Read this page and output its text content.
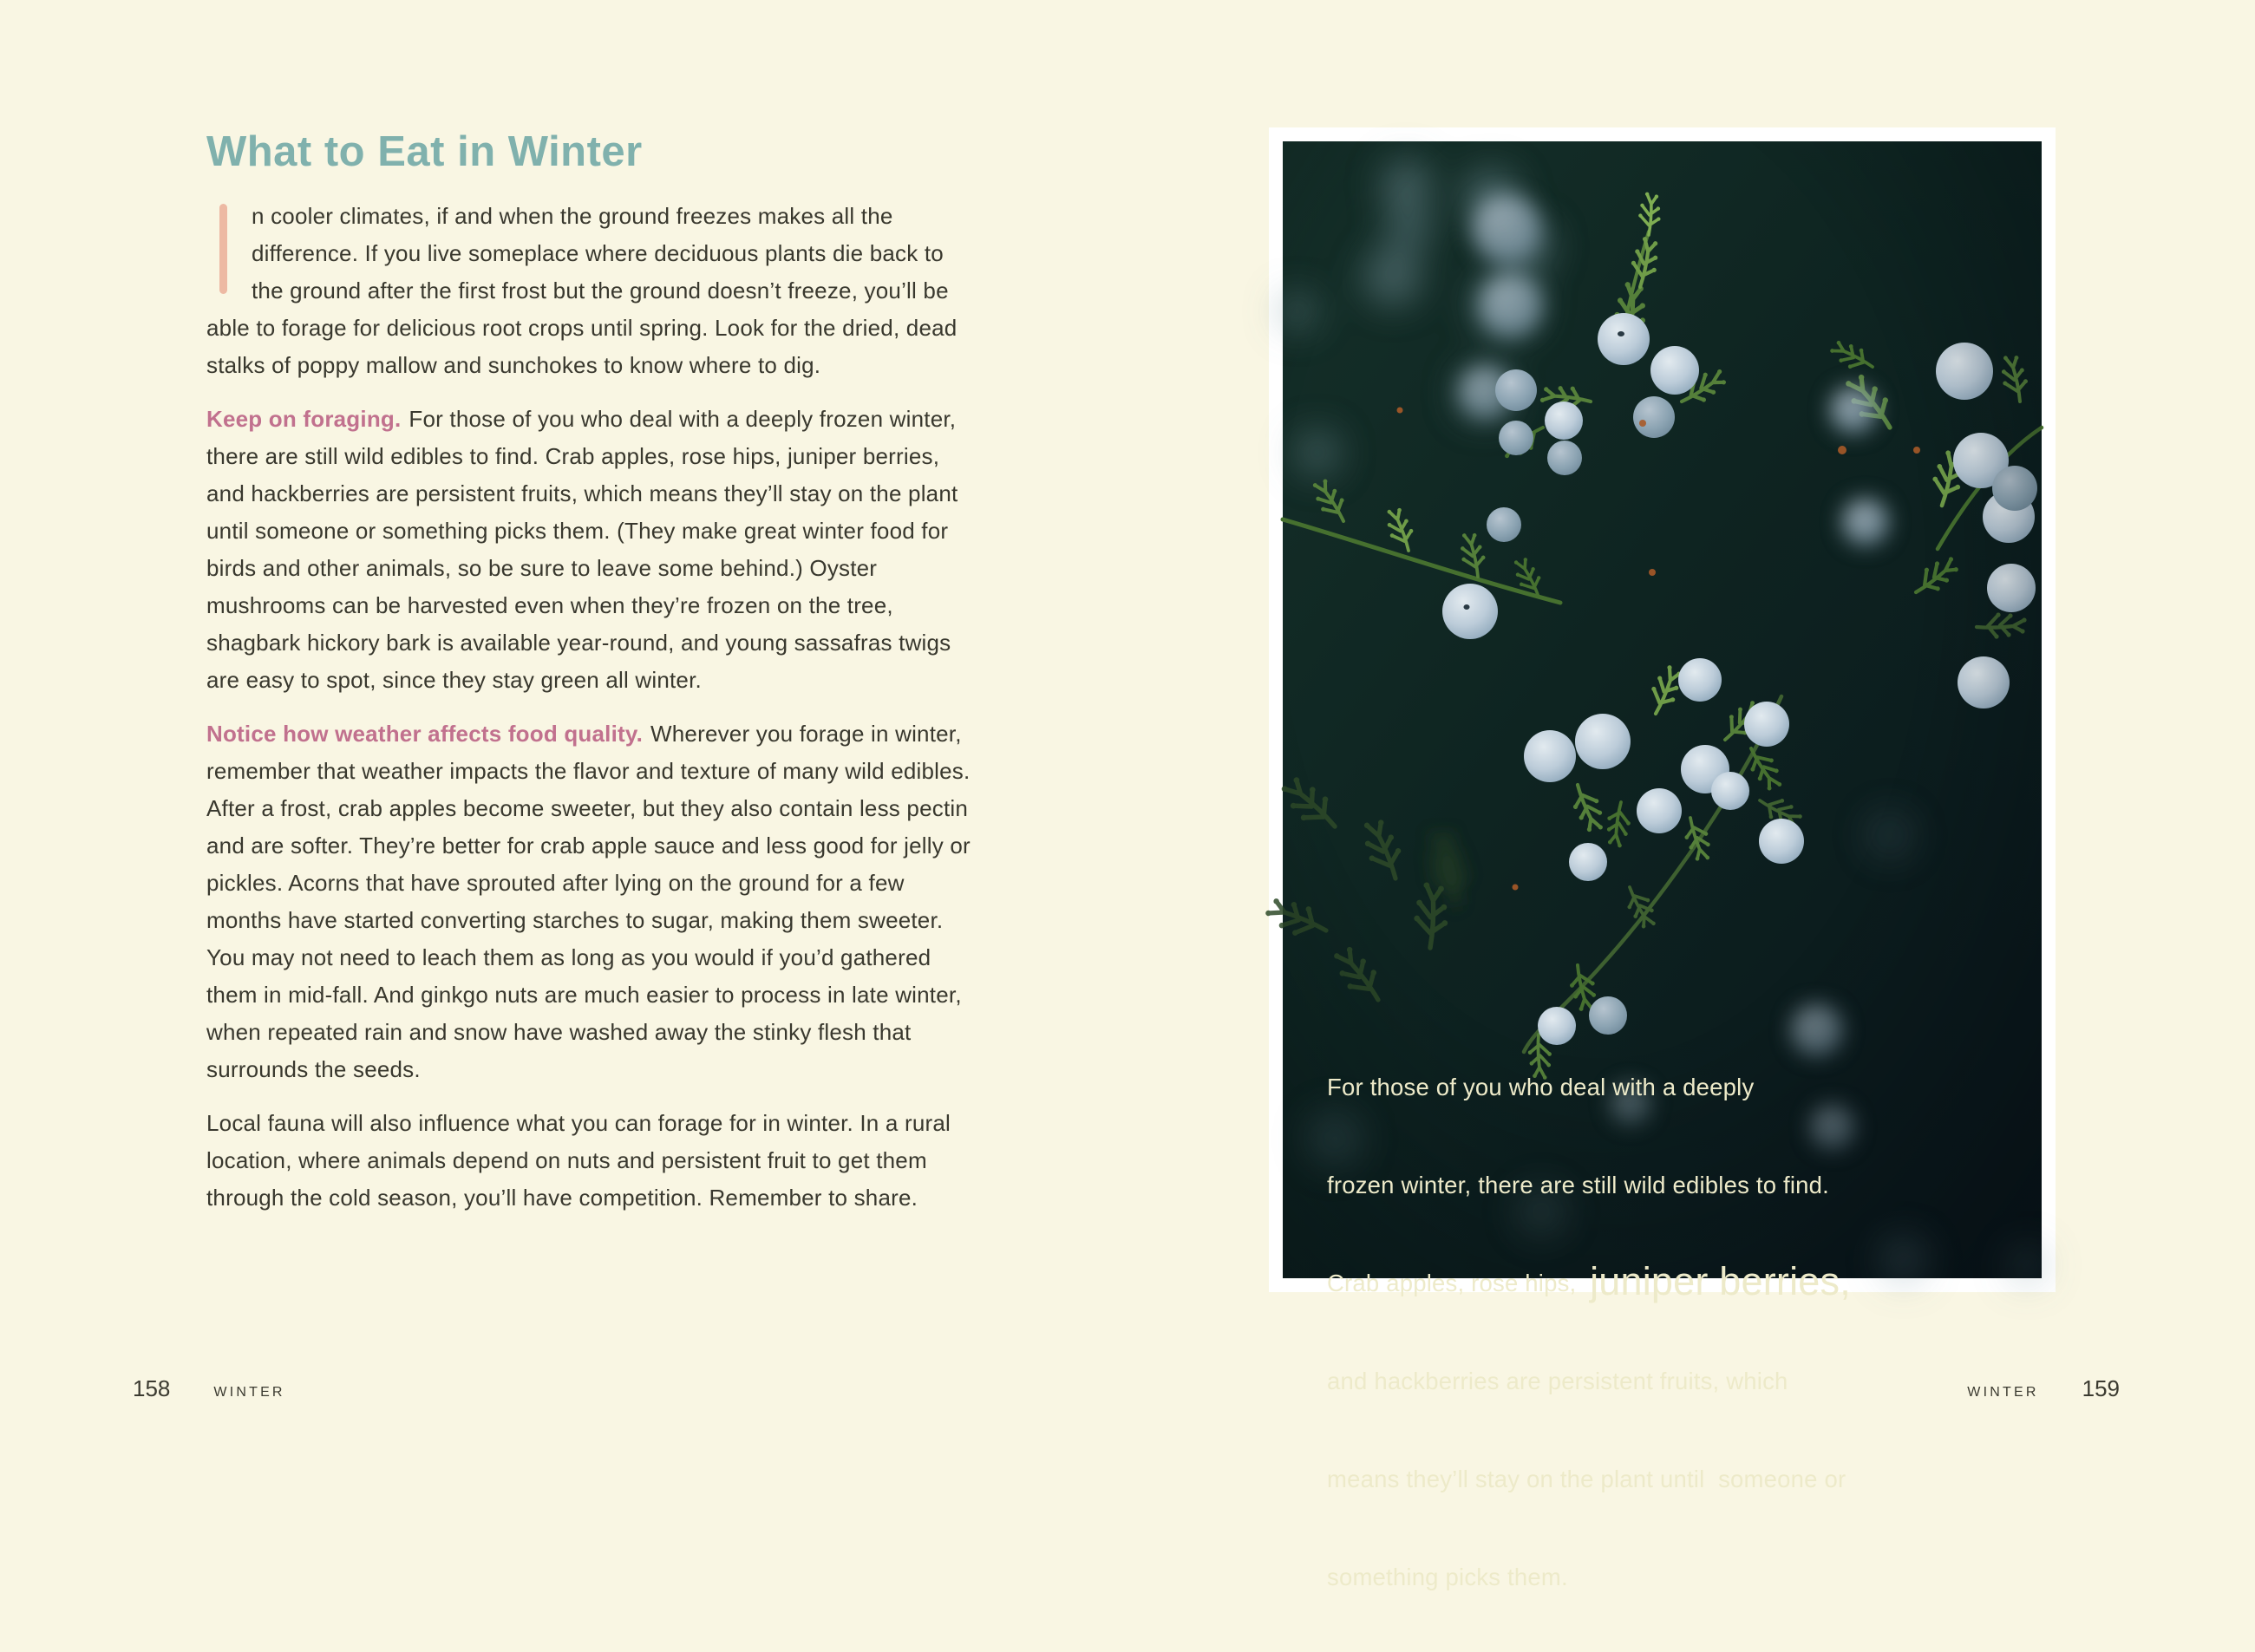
What to Eat in Winter

n cooler climates, if and when the ground freezes makes all the difference. If you live someplace where deciduous plants die back to the ground after the first frost but the ground doesn’t freeze, you’ll be able to forage for delicious root crops until spring. Look for the dried, dead stalks of poppy mallow and sunchokes to know where to dig.

Keep on foraging. For those of you who deal with a deeply frozen winter, there are still wild edibles to find. Crab apples, rose hips, juniper berries, and hackberries are persistent fruits, which means they’ll stay on the plant until someone or something picks them. (They make great winter food for birds and other animals, so be sure to leave some behind.) Oyster mushrooms can be harvested even when they’re frozen on the tree, shagbark hickory bark is available year-round, and young sassafras twigs are easy to spot, since they stay green all winter.

Notice how weather affects food quality. Wherever you forage in winter, remember that weather impacts the flavor and texture of many wild edibles. After a frost, crab apples become sweeter, but they also contain less pectin and are softer. They’re better for crab apple sauce and less good for jelly or pickles. Acorns that have sprouted after lying on the ground for a few months have started converting starches to sugar, making them sweeter. You may not need to leach them as long as you would if you’d gathered them in mid-fall. And ginkgo nuts are much easier to process in late winter, when repeated rain and snow have washed away the stinky flesh that surrounds the seeds.

Local fauna will also influence what you can forage for in winter. In a rural location, where animals depend on nuts and persistent fruit to get them through the cold season, you’ll have competition. Remember to share.

For those of you who deal with a deeply

frozen winter, there are still wild edibles to find.

Crab apples, rose hips,  juniper berries,

and hackberries are persistent fruits, which

means they’ll stay on the plant until  someone or

something picks them.

158	WINTER	WINTER 159
